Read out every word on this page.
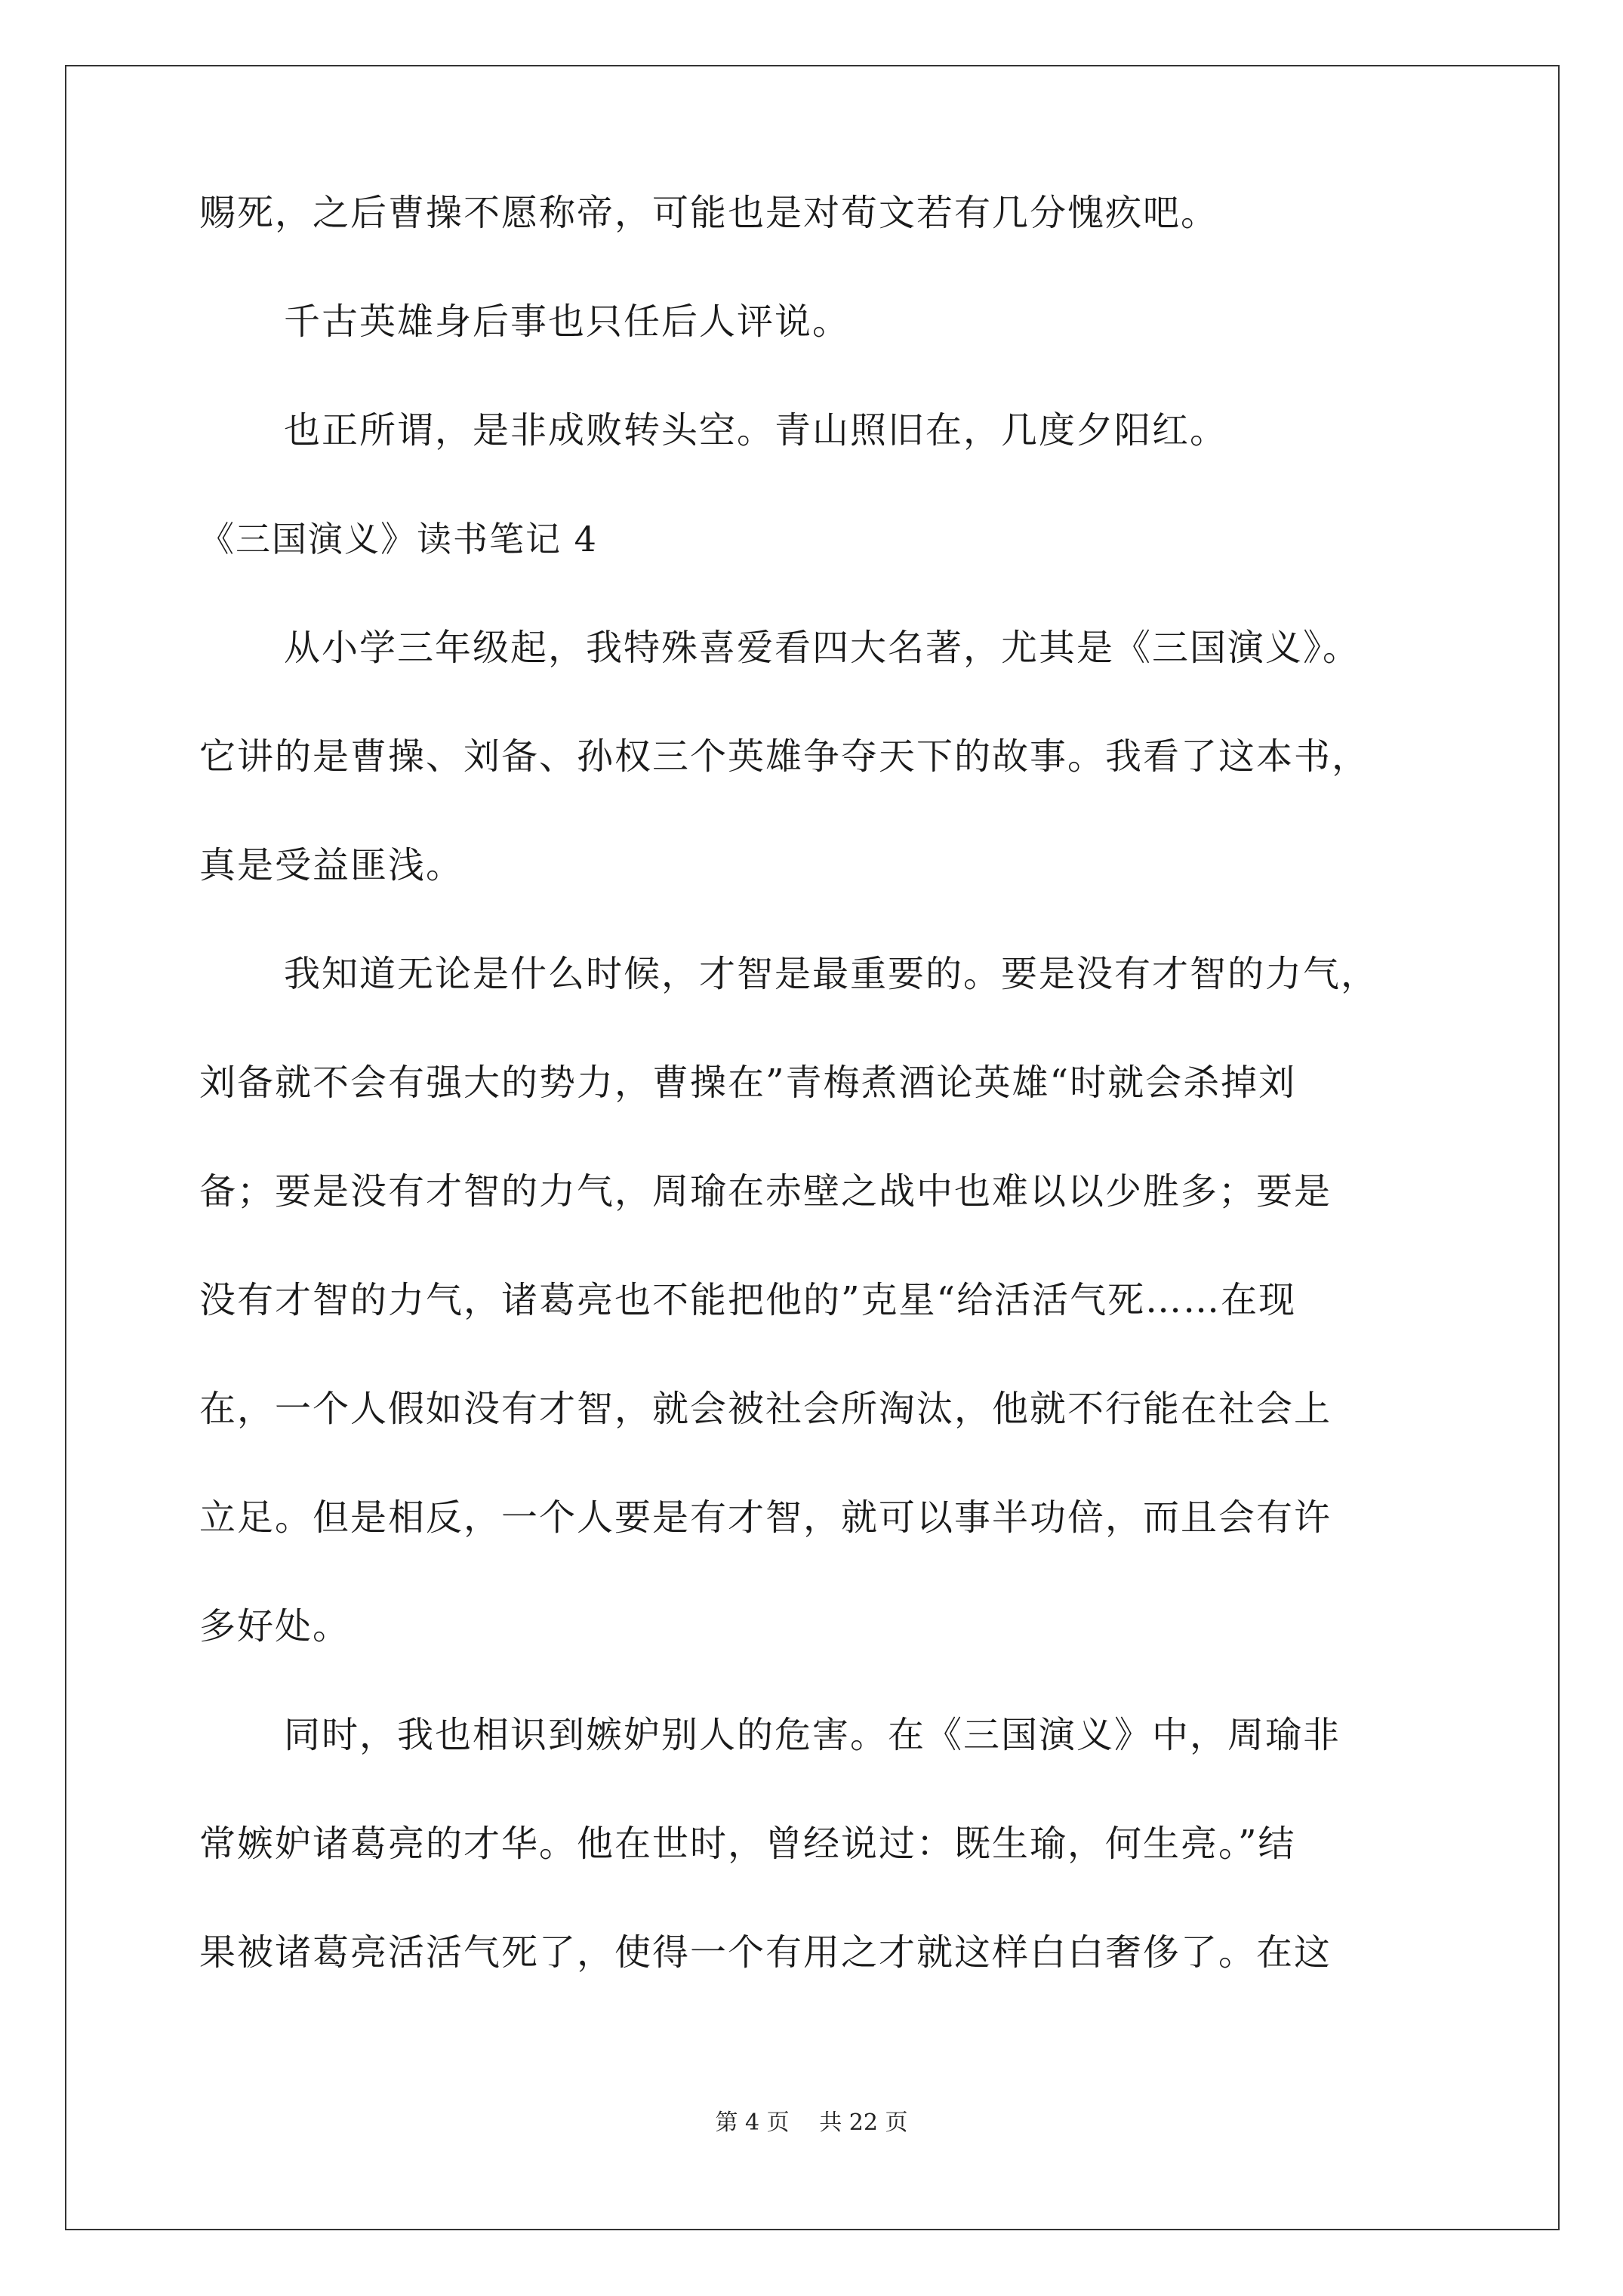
赐死，之后曹操不愿称帝，可能也是对荀文若有几分愧疚吧。
千古英雄身后事也只任后人评说。
也正所谓，是非成败转头空。青山照旧在，几度夕阳红。
《三国演义》读书笔记 4
从小学三年级起，我特殊喜爱看四大名著，尤其是《三国演义》。
它讲的是曹操、刘备、孙权三个英雄争夺天下的故事。我看了这本书，
真是受益匪浅。
我知道无论是什么时候，才智是最重要的。要是没有才智的力气，
刘备就不会有强大的势力，曹操在”青梅煮酒论英雄“时就会杀掉刘
备；要是没有才智的力气，周瑜在赤壁之战中也难以以少胜多；要是
没有才智的力气，诸葛亮也不能把他的”克星“给活活气死……在现
在，一个人假如没有才智，就会被社会所淘汰，他就不行能在社会上
立足。但是相反，一个人要是有才智，就可以事半功倍，而且会有许
多好处。
同时，我也相识到嫉妒别人的危害。在《三国演义》中，周瑜非
常嫉妒诸葛亮的才华。他在世时，曾经说过：既生瑜，何生亮。”结
果被诸葛亮活活气死了，使得一个有用之才就这样白白奢侈了。在这
第 4 页　 共 22 页
